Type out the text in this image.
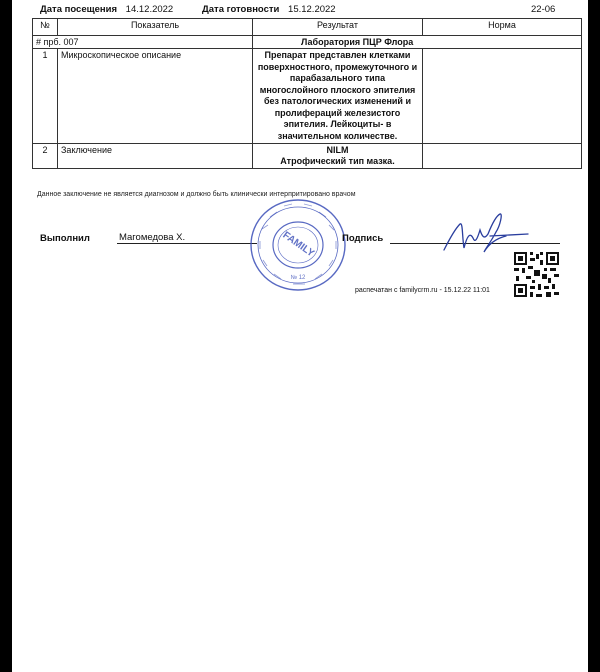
Дата посещения 14.12.2022	Дата готовности 15.12.2022	22-06
№	Показатель	Результат	Норма
# прб. 007		Лаборатория ПЦР Флора	
1	Микроскопическое описание	Препарат представлен клетками поверхностного, промежуточного и парабазального типа многослойного плоского эпителия без патологических изменений и пролифераций железистого эпителия. Лейкоциты- в значительном количестве.	
2	Заключение	NILM
Атрофический тип мазка.	

Данное заключение не является диагнозом и должно быть клинически интерпритировано врачом
Выполнил	Магомедова Х.	FAMILY
№ 12
Подпись
распечатан с familycrm.ru - 15.12.22 11:01
